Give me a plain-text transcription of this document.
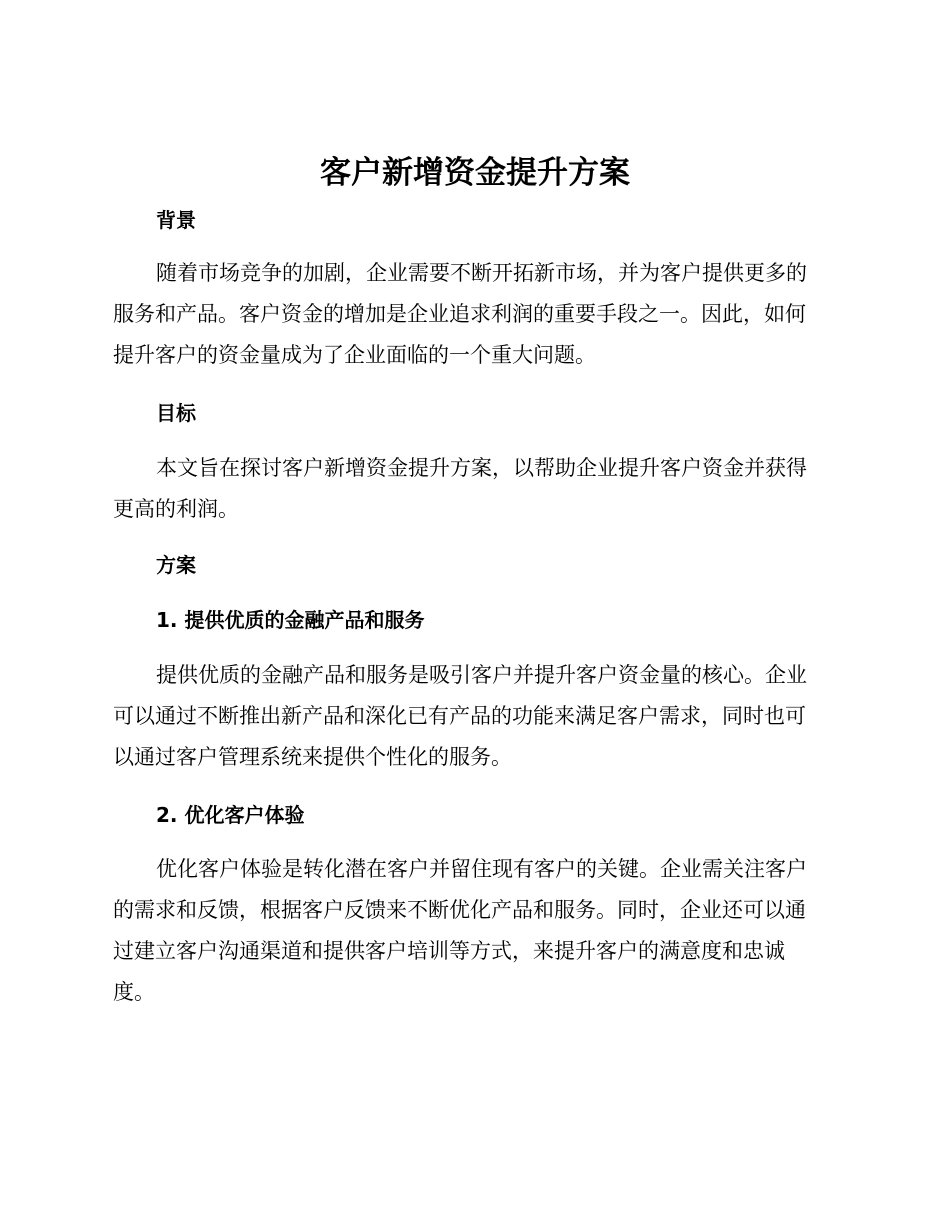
客户新增资金提升方案
背景

随着市场竞争的加剧，企业需要不断开拓新市场，并为客户提供更多的
服务和产品。客户资金的增加是企业追求利润的重要手段之一。因此，如何
提升客户的资金量成为了企业面临的一个重大问题。

目标

本文旨在探讨客户新增资金提升方案，以帮助企业提升客户资金并获得
更高的利润。

方案
1. 提供优质的金融产品和服务

提供优质的金融产品和服务是吸引客户并提升客户资金量的核心。企业
可以通过不断推出新产品和深化已有产品的功能来满足客户需求，同时也可
以通过客户管理系统来提供个性化的服务。

2. 优化客户体验

优化客户体验是转化潜在客户并留住现有客户的关键。企业需关注客户
的需求和反馈，根据客户反馈来不断优化产品和服务。同时，企业还可以通
过建立客户沟通渠道和提供客户培训等方式，来提升客户的满意度和忠诚
度。
